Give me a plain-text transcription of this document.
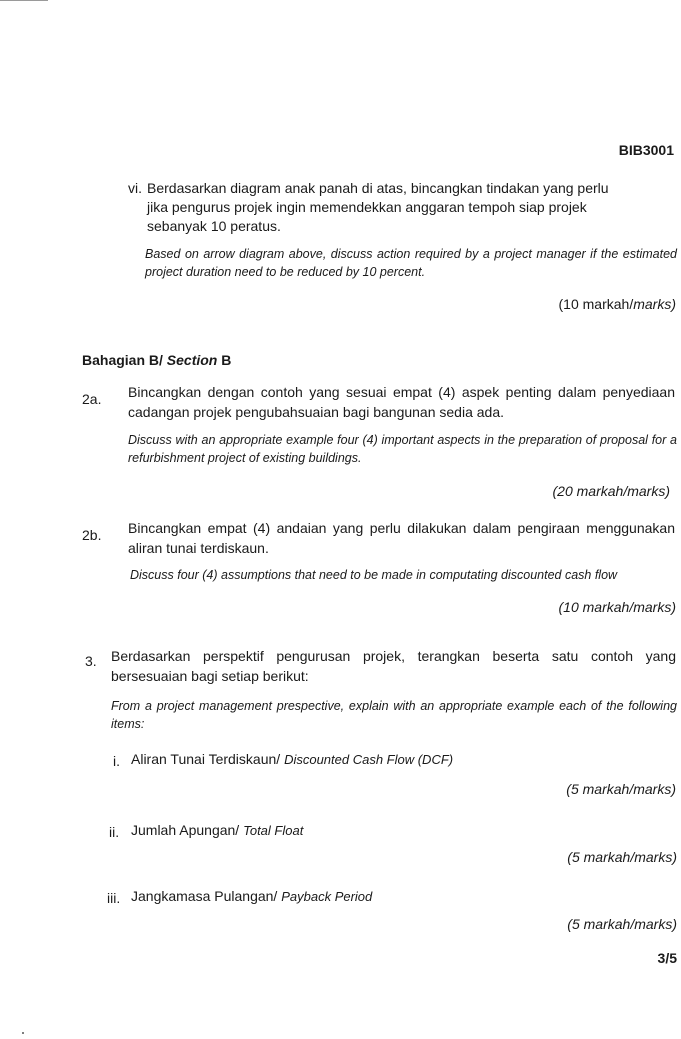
BIB3001
vi. Berdasarkan diagram anak panah di atas, bincangkan tindakan yang perlu
jika pengurus projek ingin memendekkan anggaran tempoh siap projek
sebanyak 10 peratus.
Based on arrow diagram above, discuss action required by a project manager if the estimated project duration need to be reduced by 10 percent.
(10 markah/marks)
Bahagian B/ Section B
2a. Bincangkan dengan contoh yang sesuai empat (4) aspek penting dalam penyediaan cadangan projek pengubahsuaian bagi bangunan sedia ada.
Discuss with an appropriate example four (4) important aspects in the preparation of proposal for a refurbishment project of existing buildings.
(20 markah/marks)
2b. Bincangkan empat (4) andaian yang perlu dilakukan dalam pengiraan menggunakan aliran tunai terdiskaun.
Discuss four (4) assumptions that need to be made in computating discounted cash flow
(10 markah/marks)
3. Berdasarkan perspektif pengurusan projek, terangkan beserta satu contoh yang bersesuaian bagi setiap berikut:
From a project management prespective, explain with an appropriate example each of the following items:
i. Aliran Tunai Terdiskaun/ Discounted Cash Flow (DCF)
(5 markah/marks)
ii. Jumlah Apungan/ Total Float
(5 markah/marks)
iii. Jangkamasa Pulangan/ Payback Period
(5 markah/marks)
3/5
